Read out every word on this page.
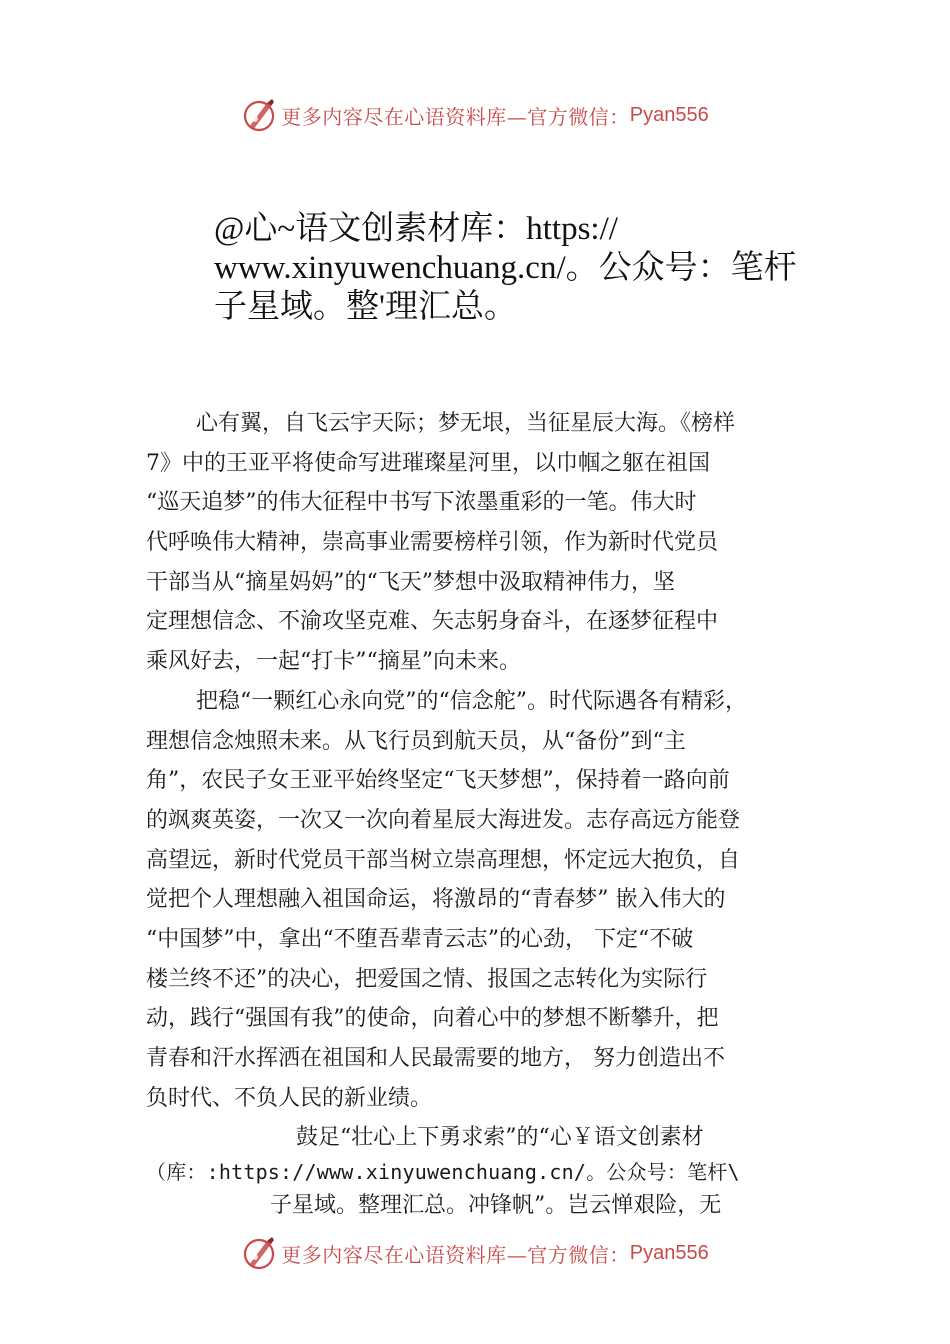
更多内容尽在心语资料库—官方微信： Pyan556
@心~语文创素材库：https://
www.xinyuwenchuang.cn/。公众号：笔杆
子星域。整'理汇总。
心有翼，自飞云宇天际；梦无垠，当征星辰大海。《榜样
7》中的王亚平将使命写进璀璨星河里，以巾帼之躯在祖国
“巡天追梦”的伟大征程中书写下浓墨重彩的一笔。伟大时
代呼唤伟大精神，崇高事业需要榜样引领，作为新时代党员
干部当从“摘星妈妈”的“飞天”梦想中汲取精神伟力，坚
定理想信念、不渝攻坚克难、矢志躬身奋斗，在逐梦征程中
乘风好去，一起“打卡”“摘星”向未来。
把稳“一颗红心永向党”的“信念舵”。时代际遇各有精彩，
理想信念烛照未来。从飞行员到航天员，从“备份”到“主
角”，农民子女王亚平始终坚定“飞天梦想”，保持着一路向前
的飒爽英姿，一次又一次向着星辰大海进发。志存高远方能登
高望远，新时代党员干部当树立崇高理想，怀定远大抱负，自
觉把个人理想融入祖国命运，将激昂的“青春梦” 嵌入伟大的
“中国梦”中，拿出“不堕吾辈青云志”的心劲， 下定“不破
楼兰终不还”的决心，把爱国之情、报国之志转化为实际行
动，践行“强国有我”的使命，向着心中的梦想不断攀升，把
青春和汗水挥洒在祖国和人民最需要的地方， 努力创造出不
负时代、不负人民的新业绩。
鼓足“壮心上下勇求索”的“心￥语文创素材
（库：:https://www.xinyuwenchuang.cn/。公众号：笔杆\
子星域。整理汇总。冲锋帆”。岂云惮艰险，无
更多内容尽在心语资料库—官方微信： Pyan556
